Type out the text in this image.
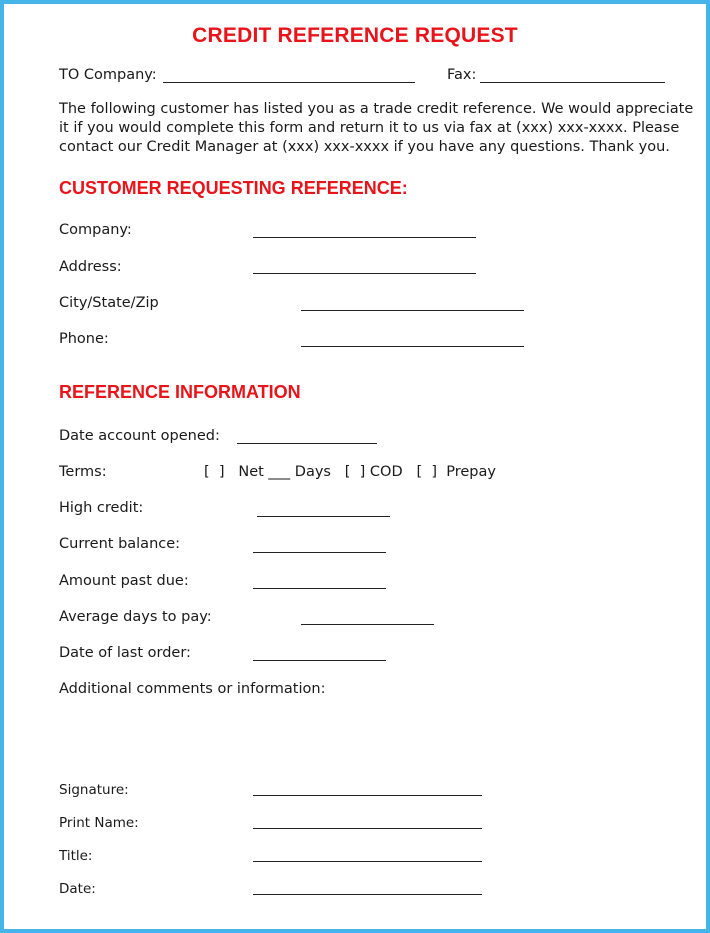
CREDIT REFERENCE REQUEST
TO Company:	Fax:
The following customer has listed you as a trade credit reference. We would appreciate
it if you would complete this form and return it to us via fax at (xxx) xxx-xxxx. Please
contact our Credit Manager at (xxx) xxx-xxxx if you have any questions. Thank you.
CUSTOMER REQUESTING REFERENCE:
Company:
Address:
City/State/Zip
Phone:
REFERENCE INFORMATION
Date account opened:
Terms:	[  ]   Net ___ Days   [  ] COD   [  ]  Prepay
High credit:
Current balance:
Amount past due:
Average days to pay:
Date of last order:
Additional comments or information:
Signature:
Print Name:
Title:
Date:
